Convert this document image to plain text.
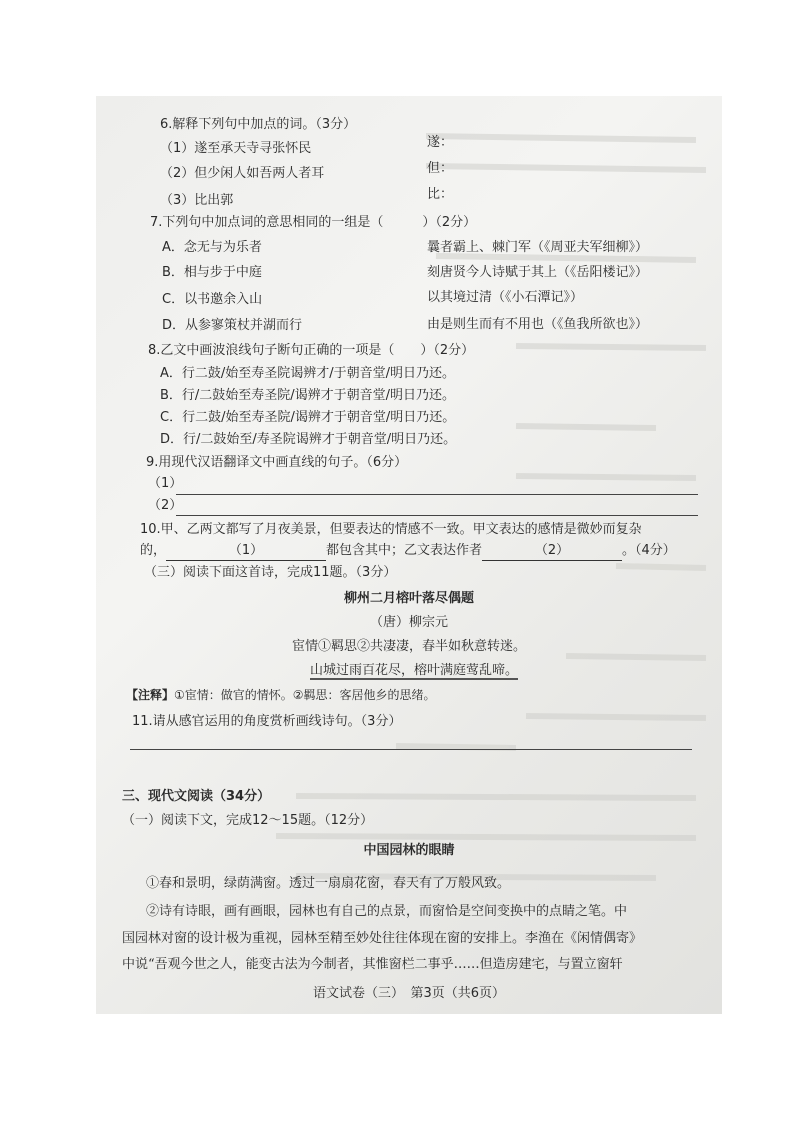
6.解释下列句中加点的词。（3分）
（1）遂至承天寺寻张怀民	遂：
（2）但少闲人如吾两人者耳	但：
（3）比出郭	比：
7.下列句中加点词的意思相同的一组是（　　　）（2分）
A．念无与为乐者	曩者霸上、棘门军（《周亚夫军细柳》）
B．相与步于中庭	刻唐贤今人诗赋于其上（《岳阳楼记》）
C．以书邀余入山	以其境过清（《小石潭记》）
D．从参寥策杖并湖而行	由是则生而有不用也（《鱼我所欲也》）
8.乙文中画波浪线句子断句正确的一项是（　　）（2分）
A．行二鼓/始至寿圣院谒辨才/于朝音堂/明日乃还。
B．行/二鼓始至寿圣院/谒辨才于朝音堂/明日乃还。
C．行二鼓/始至寿圣院/谒辨才于朝音堂/明日乃还。
D．行/二鼓始至/寿圣院谒辨才于朝音堂/明日乃还。
9.用现代汉语翻译文中画直线的句子。（6分）
（1）
（2）
10.甲、乙两文都写了月夜美景，但要表达的情感不一致。甲文表达的感情是微妙而复杂
的，	（1）	都包含其中；乙文表达作者	（2）	。（4分）
（三）阅读下面这首诗，完成11题。（3分）
柳州二月榕叶落尽偶题
（唐）柳宗元
宦情①羁思②共凄凄，春半如秋意转迷。
山城过雨百花尽，榕叶满庭莺乱啼。
【注释】①宦情：做官的情怀。②羁思：客居他乡的思绪。
11.请从感官运用的角度赏析画线诗句。（3分）
三、现代文阅读（34分）
（一）阅读下文，完成12～15题。（12分）
中国园林的眼睛
①春和景明，绿荫满窗。透过一扇扇花窗，春天有了万般风致。
②诗有诗眼，画有画眼，园林也有自己的点景，而窗恰是空间变换中的点睛之笔。中
国园林对窗的设计极为重视，园林至精至妙处往往体现在窗的安排上。李渔在《闲情偶寄》
中说“吾观今世之人，能变古法为今制者，其惟窗栏二事乎……但造房建宅，与置立窗轩
语文试卷（三）　第3页（共6页）
